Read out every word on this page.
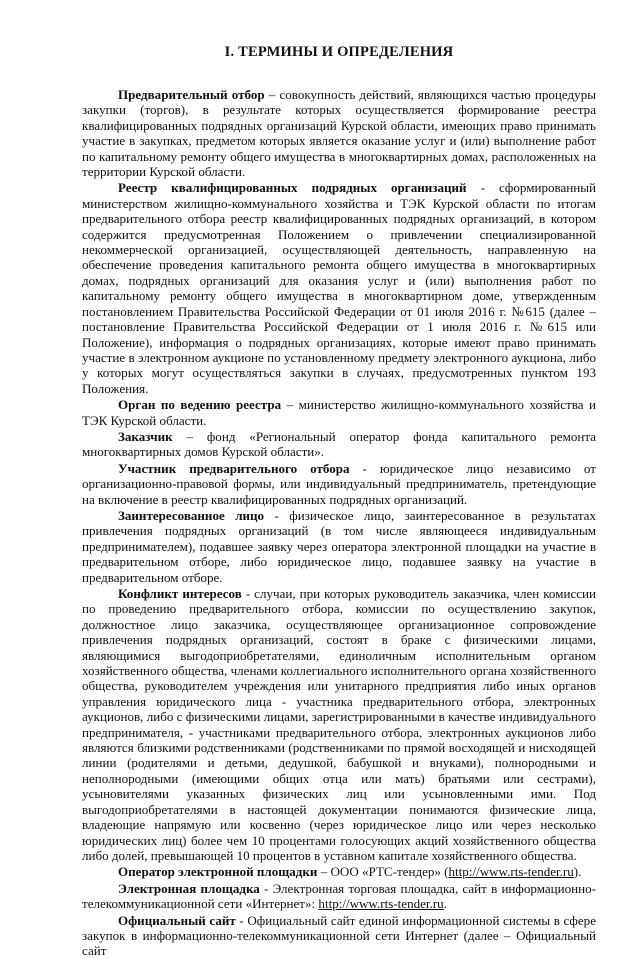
I. ТЕРМИНЫ И ОПРЕДЕЛЕНИЯ

Предварительный отбор – совокупность действий, являющихся частью процедуры закупки (торгов), в результате которых осуществляется формирование реестра квалифицированных подрядных организаций Курской области, имеющих право принимать участие в закупках, предметом которых является оказание услуг и (или) выполнение работ по капитальному ремонту общего имущества в многоквартирных домах, расположенных на территории Курской области.

Реестр квалифицированных подрядных организаций - сформированный министерством жилищно-коммунального хозяйства и ТЭК Курской области по итогам предварительного отбора реестр квалифицированных подрядных организаций, в котором содержится предусмотренная Положением о привлечении специализированной некоммерческой организацией, осуществляющей деятельность, направленную на обеспечение проведения капитального ремонта общего имущества в многоквартирных домах, подрядных организаций для оказания услуг и (или) выполнения работ по капитальному ремонту общего имущества в многоквартирном доме, утвержденным постановлением Правительства Российской Федерации от 01 июля 2016 г. №615 (далее – постановление Правительства Российской Федерации от 1 июля 2016 г. №615 или Положение), информация о подрядных организациях, которые имеют право принимать участие в электронном аукционе по установленному предмету электронного аукциона, либо у которых могут осуществляться закупки в случаях, предусмотренных пунктом 193 Положения.

Орган по ведению реестра – министерство жилищно-коммунального хозяйства и ТЭК Курской области.

Заказчик – фонд «Региональный оператор фонда капитального ремонта многоквартирных домов Курской области».

Участник предварительного отбора - юридическое лицо независимо от организационно-правовой формы, или индивидуальный предприниматель, претендующие на включение в реестр квалифицированных подрядных организаций.

Заинтересованное лицо - физическое лицо, заинтересованное в результатах привлечения подрядных организаций (в том числе являющееся индивидуальным предпринимателем), подавшее заявку через оператора электронной площадки на участие в предварительном отборе, либо юридическое лицо, подавшее заявку на участие в предварительном отборе.

Конфликт интересов - случаи, при которых руководитель заказчика, член комиссии по проведению предварительного отбора, комиссии по осуществлению закупок, должностное лицо заказчика, осуществляющее организационное сопровождение привлечения подрядных организаций, состоят в браке с физическими лицами, являющимися выгодоприобретателями, единоличным исполнительным органом хозяйственного общества, членами коллегиального исполнительного органа хозяйственного общества, руководителем учреждения или унитарного предприятия либо иных органов управления юридического лица - участника предварительного отбора, электронных аукционов, либо с физическими лицами, зарегистрированными в качестве индивидуального предпринимателя, - участниками предварительного отбора, электронных аукционов либо являются близкими родственниками (родственниками по прямой восходящей и нисходящей линии (родителями и детьми, дедушкой, бабушкой и внуками), полнородными и неполнородными (имеющими общих отца или мать) братьями или сестрами), усыновителями указанных физических лиц или усыновленными ими. Под выгодоприобретателями в настоящей документации понимаются физические лица, владеющие напрямую или косвенно (через юридическое лицо или через несколько юридических лиц) более чем 10 процентами голосующих акций хозяйственного общества либо долей, превышающей 10 процентов в уставном капитале хозяйственного общества.

Оператор электронной площадки – ООО «РТС-тендер» (http://www.rts-tender.ru).

Электронная площадка - Электронная торговая площадка, сайт в информационно-телекоммуникационной сети «Интернет»: http://www.rts-tender.ru.

Официальный сайт - Официальный сайт единой информационной системы в сфере закупок в информационно-телекоммуникационной сети Интернет (далее – Официальный сайт
